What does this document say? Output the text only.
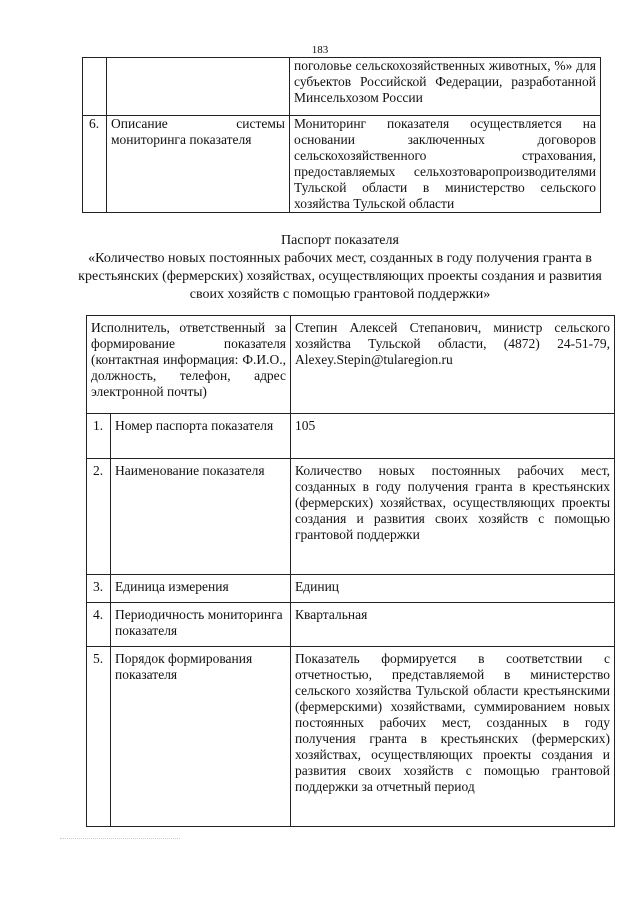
183
		поголовье сельскохозяйственных животных, %» для субъектов Российской Федерации, разработанной Минсельхозом России
6.	Описание системы мониторинга показателя	Мониторинг показателя осуществляется на основании заключенных договоров сельскохозяйственного страхования, предоставляемых сельхозтоваропроизводителями Тульской области в министерство сельского хозяйства Тульской области
Паспорт показателя
«Количество новых постоянных рабочих мест, созданных в году получения гранта в крестьянских (фермерских) хозяйствах, осуществляющих проекты создания и развития своих хозяйств с помощью грантовой поддержки»
Исполнитель, ответственный за формирование показателя (контактная информация: Ф.И.О., должность, телефон, адрес электронной почты)		Степин Алексей Степанович, министр сельского хозяйства Тульской области, (4872) 24-51-79, Alexey.Stepin@tularegion.ru
1.	Номер паспорта показателя	105
2.	Наименование показателя	Количество новых постоянных рабочих мест, созданных в году получения гранта в крестьянских (фермерских) хозяйствах, осуществляющих проекты создания и развития своих хозяйств с помощью грантовой поддержки
3.	Единица измерения	Единиц
4.	Периодичность мониторинга показателя	Квартальная
5.	Порядок формирования показателя	Показатель формируется в соответствии с отчетностью, представляемой в министерство сельского хозяйства Тульской области крестьянскими (фермерскими) хозяйствами, суммированием новых постоянных рабочих мест, созданных в году получения гранта в крестьянских (фермерских) хозяйствах, осуществляющих проекты создания и развития своих хозяйств с помощью грантовой поддержки за отчетный период
